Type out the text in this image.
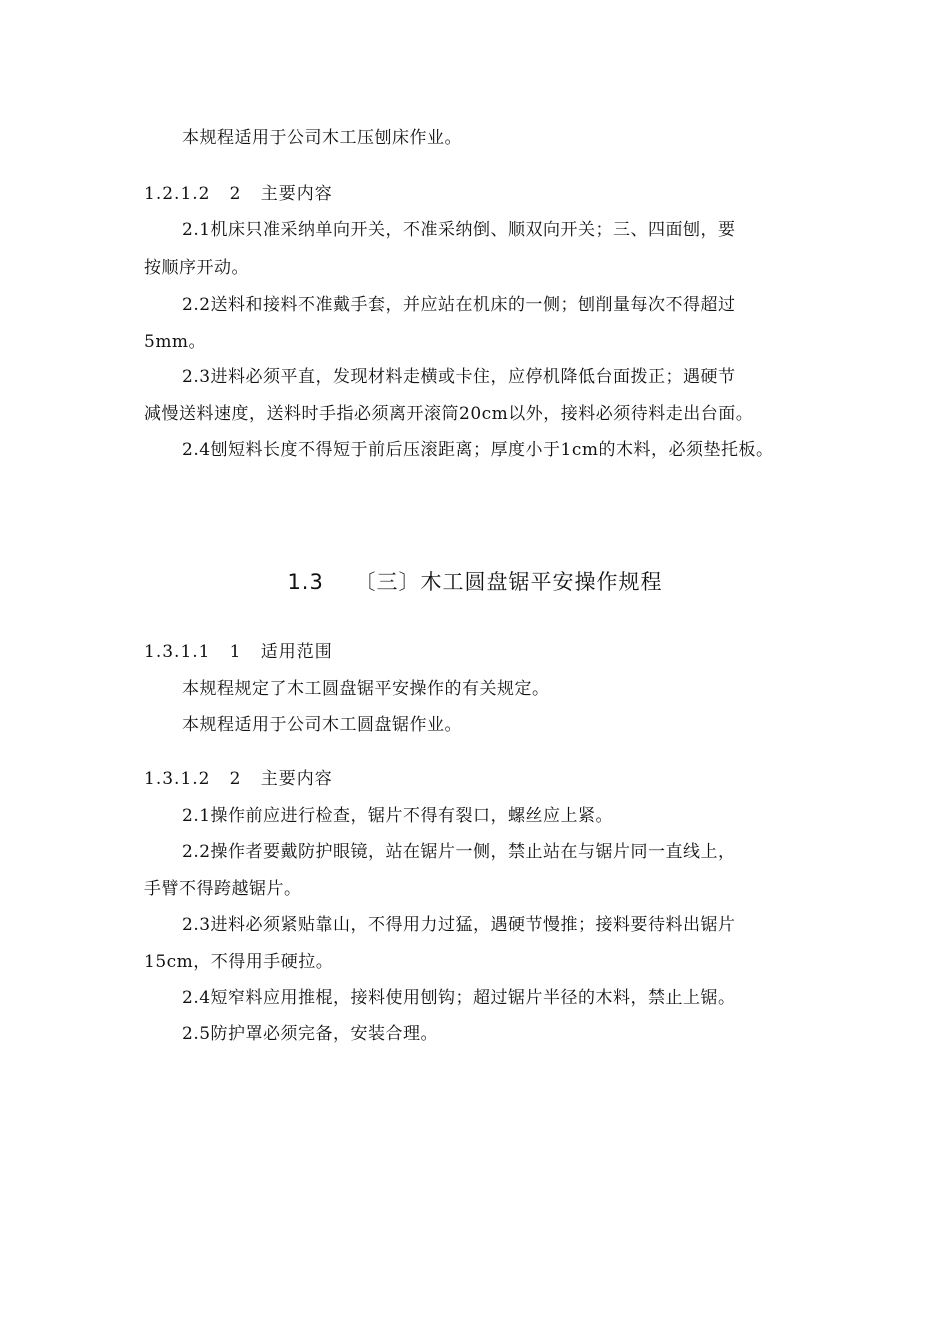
本规程适用于公司木工压刨床作业。
1.2.1.2   2   主要内容
2.1机床只准采纳单向开关，不准采纳倒、顺双向开关；三、四面刨，要
按顺序开动。
2.2送料和接料不准戴手套，并应站在机床的一侧；刨削量每次不得超过
5mm。
2.3进料必须平直，发现材料走横或卡住，应停机降低台面拨正；遇硬节
减慢送料速度，送料时手指必须离开滚筒20cm以外，接料必须待料走出台面。
2.4刨短料长度不得短于前后压滚距离；厚度小于1cm的木料，必须垫托板。
1.3    〔三〕木工圆盘锯平安操作规程
1.3.1.1   1   适用范围
本规程规定了木工圆盘锯平安操作的有关规定。
本规程适用于公司木工圆盘锯作业。
1.3.1.2   2   主要内容
2.1操作前应进行检查，锯片不得有裂口，螺丝应上紧。
2.2操作者要戴防护眼镜，站在锯片一侧，禁止站在与锯片同一直线上，
手臂不得跨越锯片。
2.3进料必须紧贴靠山，不得用力过猛，遇硬节慢推；接料要待料出锯片
15cm，不得用手硬拉。
2.4短窄料应用推棍，接料使用刨钩；超过锯片半径的木料，禁止上锯。
2.5防护罩必须完备，安装合理。
